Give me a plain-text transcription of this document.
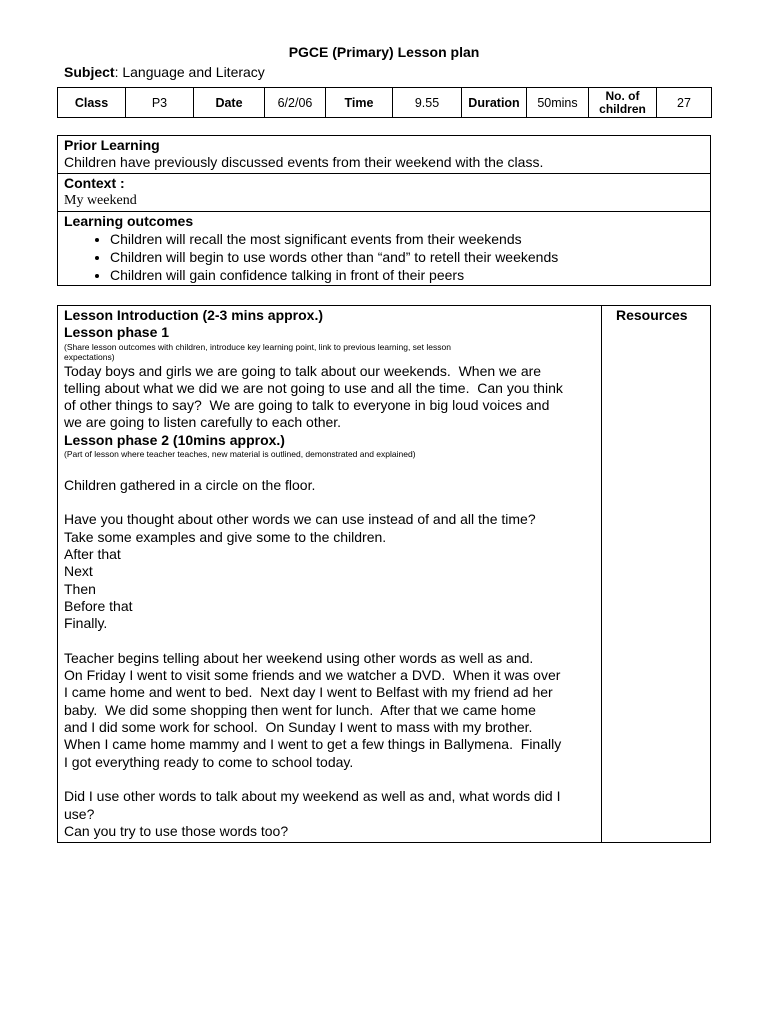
PGCE (Primary) Lesson plan
Subject: Language and Literacy
Class	P3	Date	6/2/06	Time	9.55	Duration	50mins	No. of
children	27
Prior Learning
Children have previously discussed events from their weekend with the class.
Context :
My weekend
Learning outcomes
• Children will recall the most significant events from their weekends
• Children will begin to use words other than “and” to retell their weekends
• Children will gain confidence talking in front of their peers
Lesson Introduction (2-3 mins approx.)
Lesson phase 1
(Share lesson outcomes with children, introduce key learning point, link to previous learning, set lesson
expectations)
Today boys and girls we are going to talk about our weekends.  When we are
telling about what we did we are not going to use and all the time.  Can you think
of other things to say?  We are going to talk to everyone in big loud voices and
we are going to listen carefully to each other.
Lesson phase 2 (10mins approx.)
(Part of lesson where teacher teaches, new material is outlined, demonstrated and explained)
Children gathered in a circle on the floor.
Have you thought about other words we can use instead of and all the time?
Take some examples and give some to the children.
After that
Next
Then
Before that
Finally.
Teacher begins telling about her weekend using other words as well as and.
On Friday I went to visit some friends and we watcher a DVD.  When it was over
I came home and went to bed.  Next day I went to Belfast with my friend ad her
baby.  We did some shopping then went for lunch.  After that we came home
and I did some work for school.  On Sunday I went to mass with my brother.
When I came home mammy and I went to get a few things in Ballymena.  Finally
I got everything ready to come to school today.
Did I use other words to talk about my weekend as well as and, what words did I
use?
Can you try to use those words too?
Resources
